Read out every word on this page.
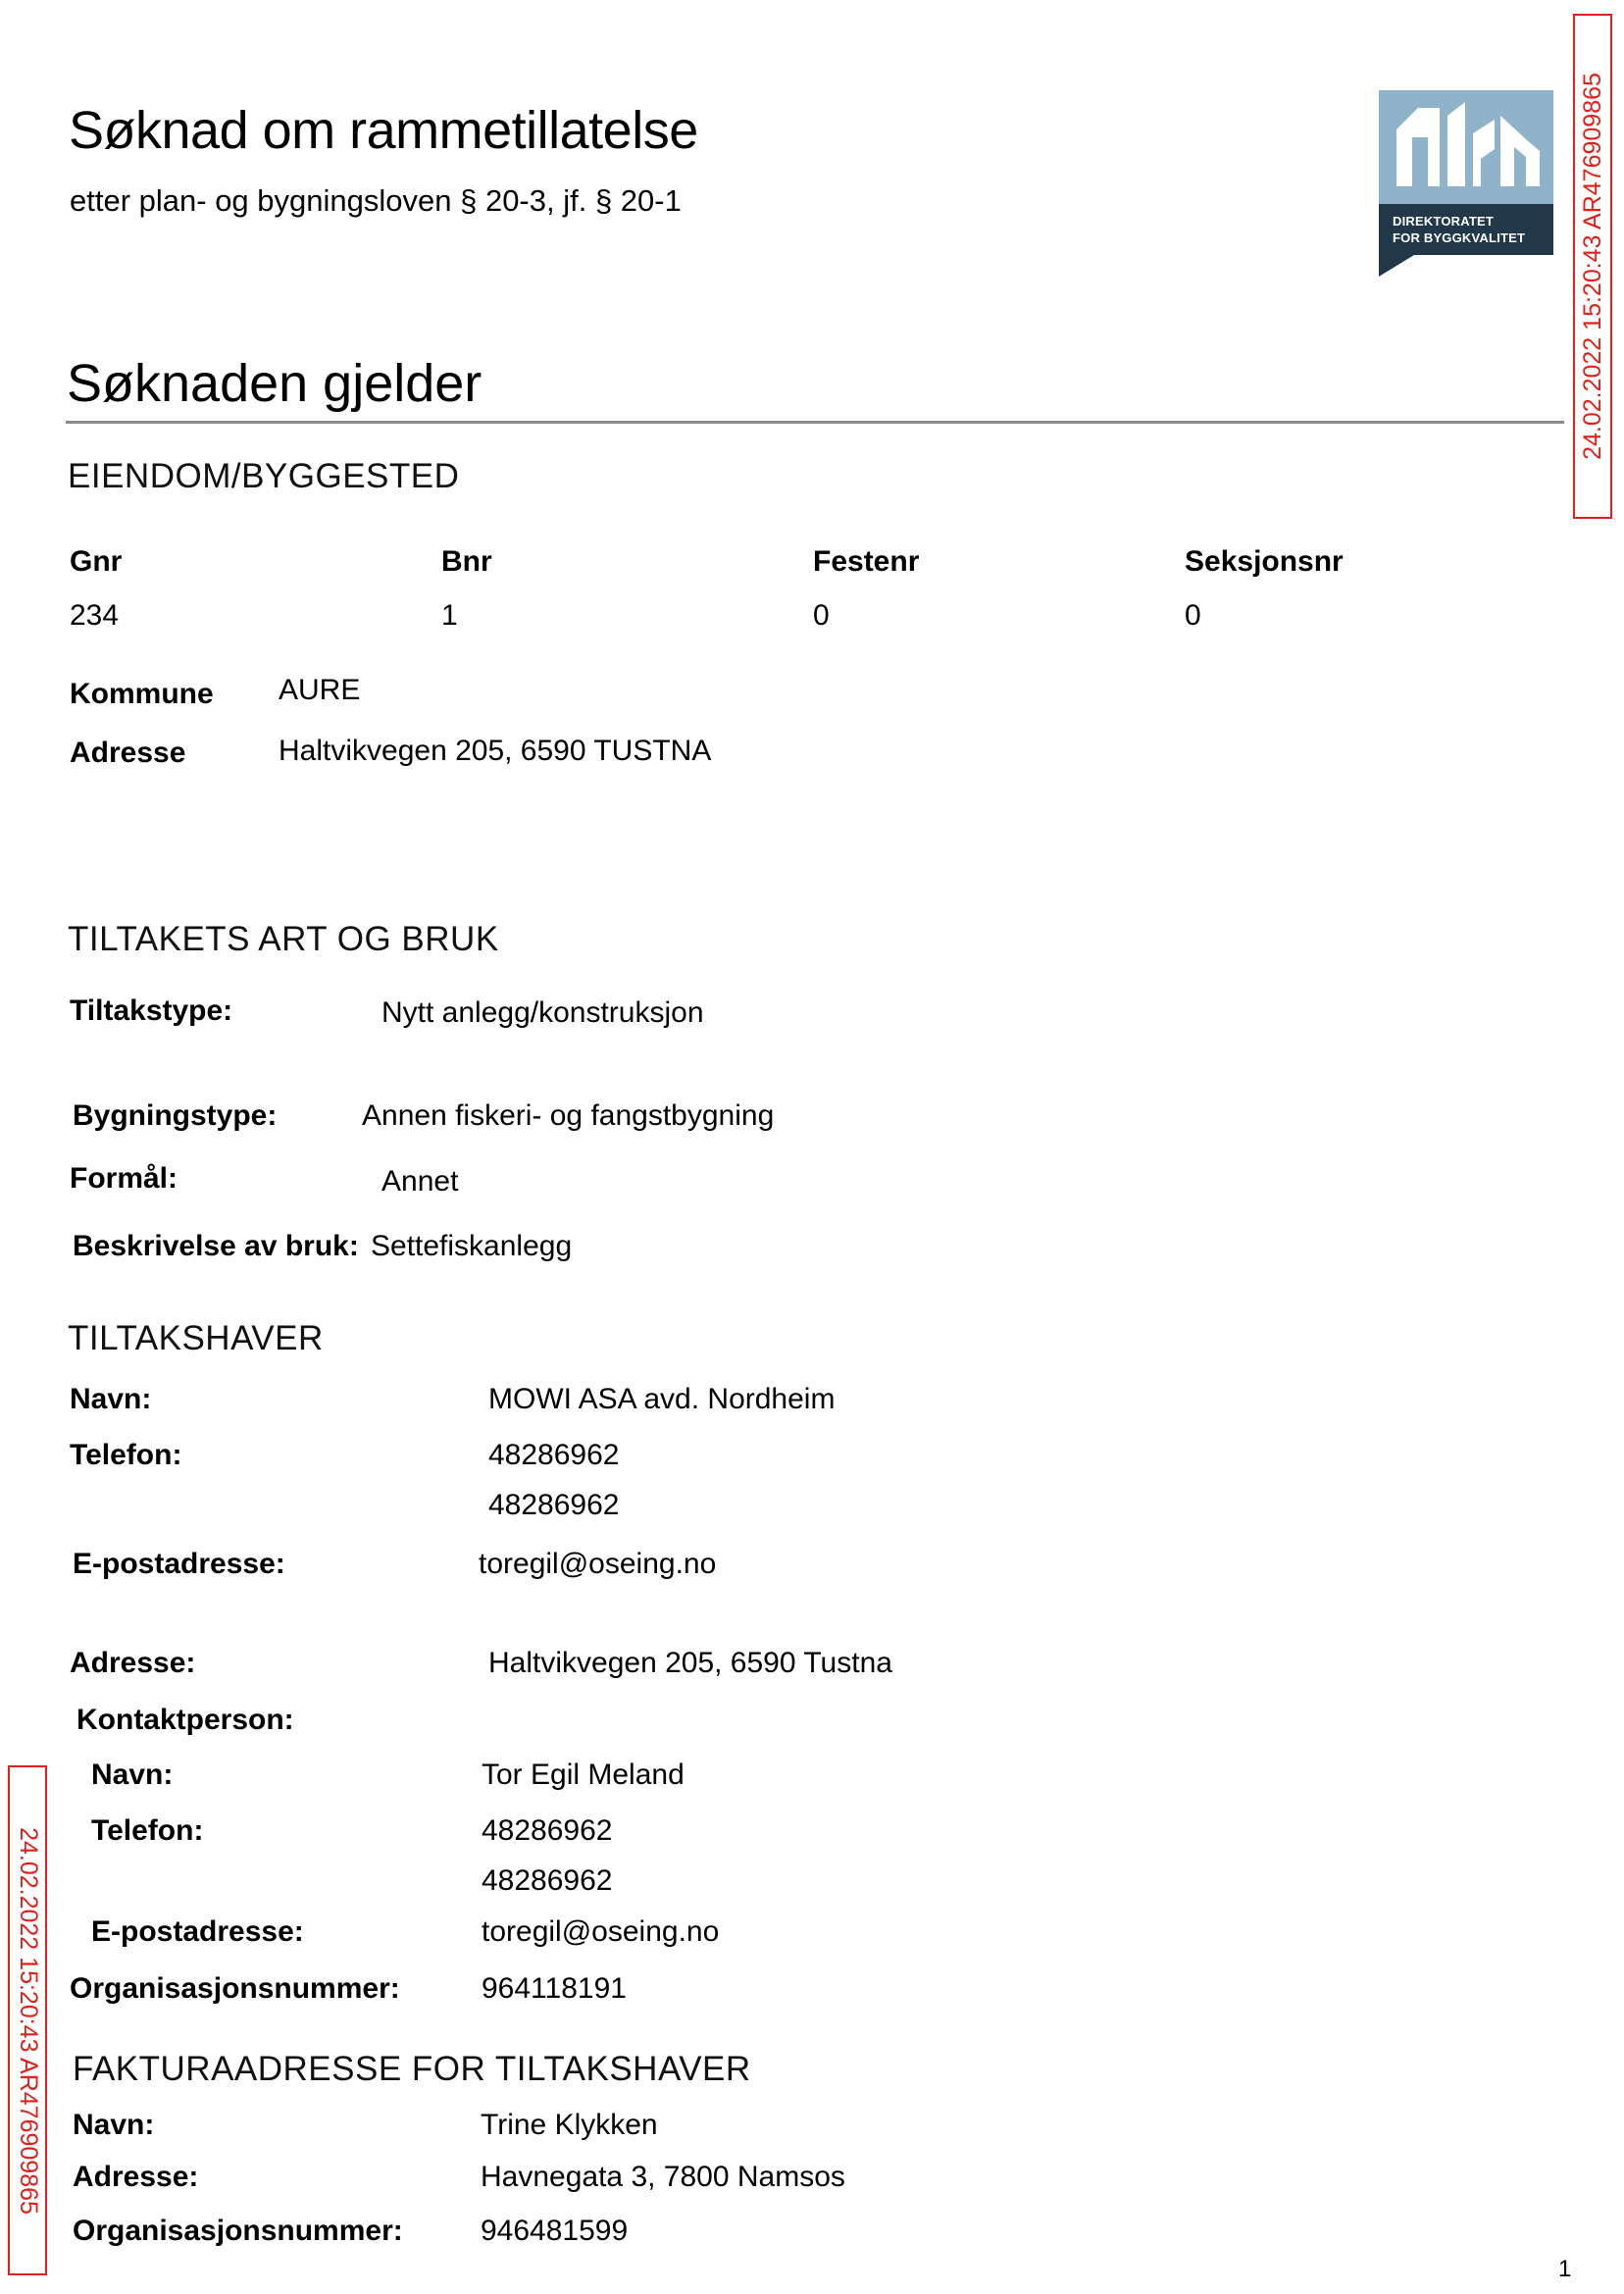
Søknad om rammetillatelse
etter plan- og bygningsloven § 20-3, jf. § 20-1
DIREKTORATET
FOR BYGGKVALITET 24.02.2022 15:20:43 AR476909865
24.02.2022 15:20:43 AR476909865
Søknaden gjelder
EIENDOM/BYGGESTED
Gnr	Bnr	Festenr	Seksjonsnr
234	1	0	0
Kommune AURE
Adresse	Haltvikvegen 205, 6590 TUSTNA
TILTAKETS ART OG BRUK
Tiltakstype:	Nytt anlegg/konstruksjon
Bygningstype:	Annen fiskeri- og fangstbygning
Formål:	Annet
Beskrivelse av bruk: Settefiskanlegg
TILTAKSHAVER
Navn:	MOWI ASA avd. Nordheim
Telefon:	48286962
48286962
E-postadresse:	toregil@oseing.no
Adresse:	Haltvikvegen 205, 6590 Tustna
Kontaktperson:
Navn:	Tor Egil Meland
Telefon:	48286962
48286962
E-postadresse:	toregil@oseing.no
Organisasjonsnummer:	964118191
FAKTURAADRESSE FOR TILTAKSHAVER
Navn:	Trine Klykken
Adresse:	Havnegata 3, 7800 Namsos
Organisasjonsnummer:	946481599
1
